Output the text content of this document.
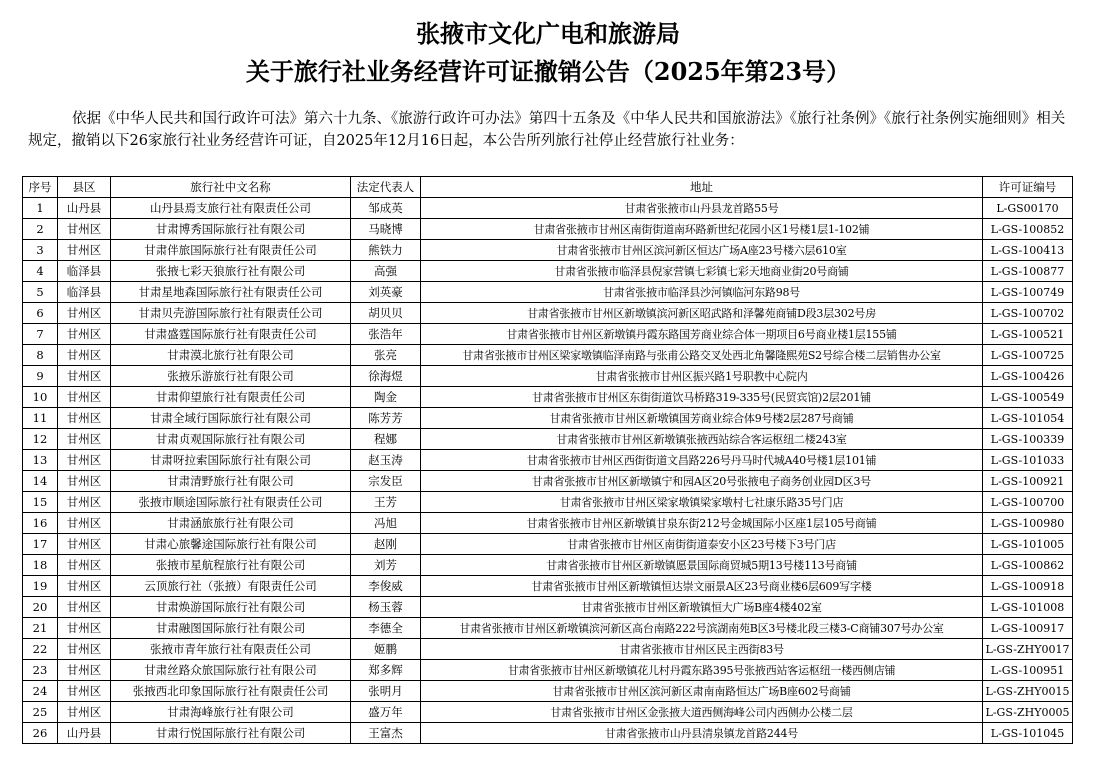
张掖市文化广电和旅游局
关于旅行社业务经营许可证撤销公告（2025年第23号）
依据《中华人民共和国行政许可法》第六十九条、《旅游行政许可办法》第四十五条及《中华人民共和国旅游法》《旅行社条例》《旅行社条例实施细则》相关规定，撤销以下26家旅行社业务经营许可证，自2025年12月16日起，本公告所列旅行社停止经营旅行社业务：
序号	县区	旅行社中文名称	法定代表人	地址	许可证编号
1	山丹县	山丹县焉支旅行社有限责任公司	邹成英	甘肃省张掖市山丹县龙首路55号	L-GS00170
2	甘州区	甘肃博秀国际旅行社有限公司	马晓博	甘肃省张掖市甘州区南街街道南环路新世纪花园小区1号楼1层1-102铺	L-GS-100852
3	甘州区	甘肃伴旅国际旅行社有限责任公司	熊铁力	甘肃省张掖市甘州区滨河新区恒达广场A座23号楼六层610室	L-GS-100413
4	临泽县	张掖七彩天狼旅行社有限公司	高强	甘肃省张掖市临泽县倪家营镇七彩镇七彩天地商业街20号商铺	L-GS-100877
5	临泽县	甘肃星地森国际旅行社有限责任公司	刘英豪	甘肃省张掖市临泽县沙河镇临河东路98号	L-GS-100749
6	甘州区	甘肃贝壳游国际旅行社有限责任公司	胡贝贝	甘肃省张掖市甘州区新墩镇滨河新区昭武路和泽馨苑商铺D段3层302号房	L-GS-100702
7	甘州区	甘肃盛霆国际旅行社有限责任公司	张浩年	甘肃省张掖市甘州区新墩镇丹霞东路国芳商业综合体一期项目6号商业楼1层155铺	L-GS-100521
8	甘州区	甘肃漠北旅行社有限公司	张亮	甘肃省张掖市甘州区梁家墩镇临泽南路与张甫公路交叉处西北角馨隆熙苑S2号综合楼二层销售办公室	L-GS-100725
9	甘州区	张掖乐游旅行社有限公司	徐海煜	甘肃省张掖市甘州区振兴路1号职教中心院内	L-GS-100426
10	甘州区	甘肃仰望旅行社有限责任公司	陶金	甘肃省张掖市甘州区东街街道饮马桥路319-335号(民贸宾馆)2层201铺	L-GS-100549
11	甘州区	甘肃全域行国际旅行社有限公司	陈芳芳	甘肃省张掖市甘州区新墩镇国芳商业综合体9号楼2层287号商铺	L-GS-101054
12	甘州区	甘肃贞观国际旅行社有限公司	程娜	甘肃省张掖市甘州区新墩镇张掖西站综合客运枢纽二楼243室	L-GS-100339
13	甘州区	甘肃呀拉索国际旅行社有限公司	赵玉涛	甘肃省张掖市甘州区西街街道文昌路226号丹马时代城A40号楼1层101铺	L-GS-101033
14	甘州区	甘肃清野旅行社有限公司	宗发臣	甘肃省张掖市甘州区新墩镇宁和园A区20号张掖电子商务创业园D区3号	L-GS-100921
15	甘州区	张掖市顺途国际旅行社有限责任公司	王芳	甘肃省张掖市甘州区梁家墩镇梁家墩村七社康乐路35号门店	L-GS-100700
16	甘州区	甘肃涵旅旅行社有限公司	冯旭	甘肃省张掖市甘州区新墩镇甘泉东街212号金城国际小区座1层105号商铺	L-GS-100980
17	甘州区	甘肃心旅馨途国际旅行社有限公司	赵刚	甘肃省张掖市甘州区南街街道泰安小区23号楼下3号门店	L-GS-101005
18	甘州区	张掖市星航程旅行社有限公司	刘芳	甘肃省张掖市甘州区新墩镇愿景国际商贸城5期13号楼113号商铺	L-GS-100862
19	甘州区	云顶旅行社（张掖）有限责任公司	李俊威	甘肃省张掖市甘州区新墩镇恒达崇文丽景A区23号商业楼6层609写字楼	L-GS-100918
20	甘州区	甘肃焕游国际旅行社有限公司	杨玉蓉	甘肃省张掖市甘州区新墩镇恒大广场B座4楼402室	L-GS-101008
21	甘州区	甘肃融图国际旅行社有限公司	李德全	甘肃省张掖市甘州区新墩镇滨河新区高台南路222号滨湖南苑B区3号楼北段三楼3-C商铺307号办公室	L-GS-100917
22	甘州区	张掖市青年旅行社有限责任公司	姬鹏	甘肃省张掖市甘州区民主西街83号	L-GS-ZHY0017
23	甘州区	甘肃丝路众旅国际旅行社有限公司	郑多辉	甘肃省张掖市甘州区新墩镇花儿村丹霞东路395号张掖西站客运枢纽一楼西侧店铺	L-GS-100951
24	甘州区	张掖西北印象国际旅行社有限责任公司	张明月	甘肃省张掖市甘州区滨河新区肃南南路恒达广场B座602号商铺	L-GS-ZHY0015
25	甘州区	甘肃海峰旅行社有限公司	盛万年	甘肃省张掖市甘州区金张掖大道西侧海峰公司内西侧办公楼二层	L-GS-ZHY0005
26	山丹县	甘肃行悦国际旅行社有限公司	王富杰	甘肃省张掖市山丹县清泉镇龙首路244号	L-GS-101045
